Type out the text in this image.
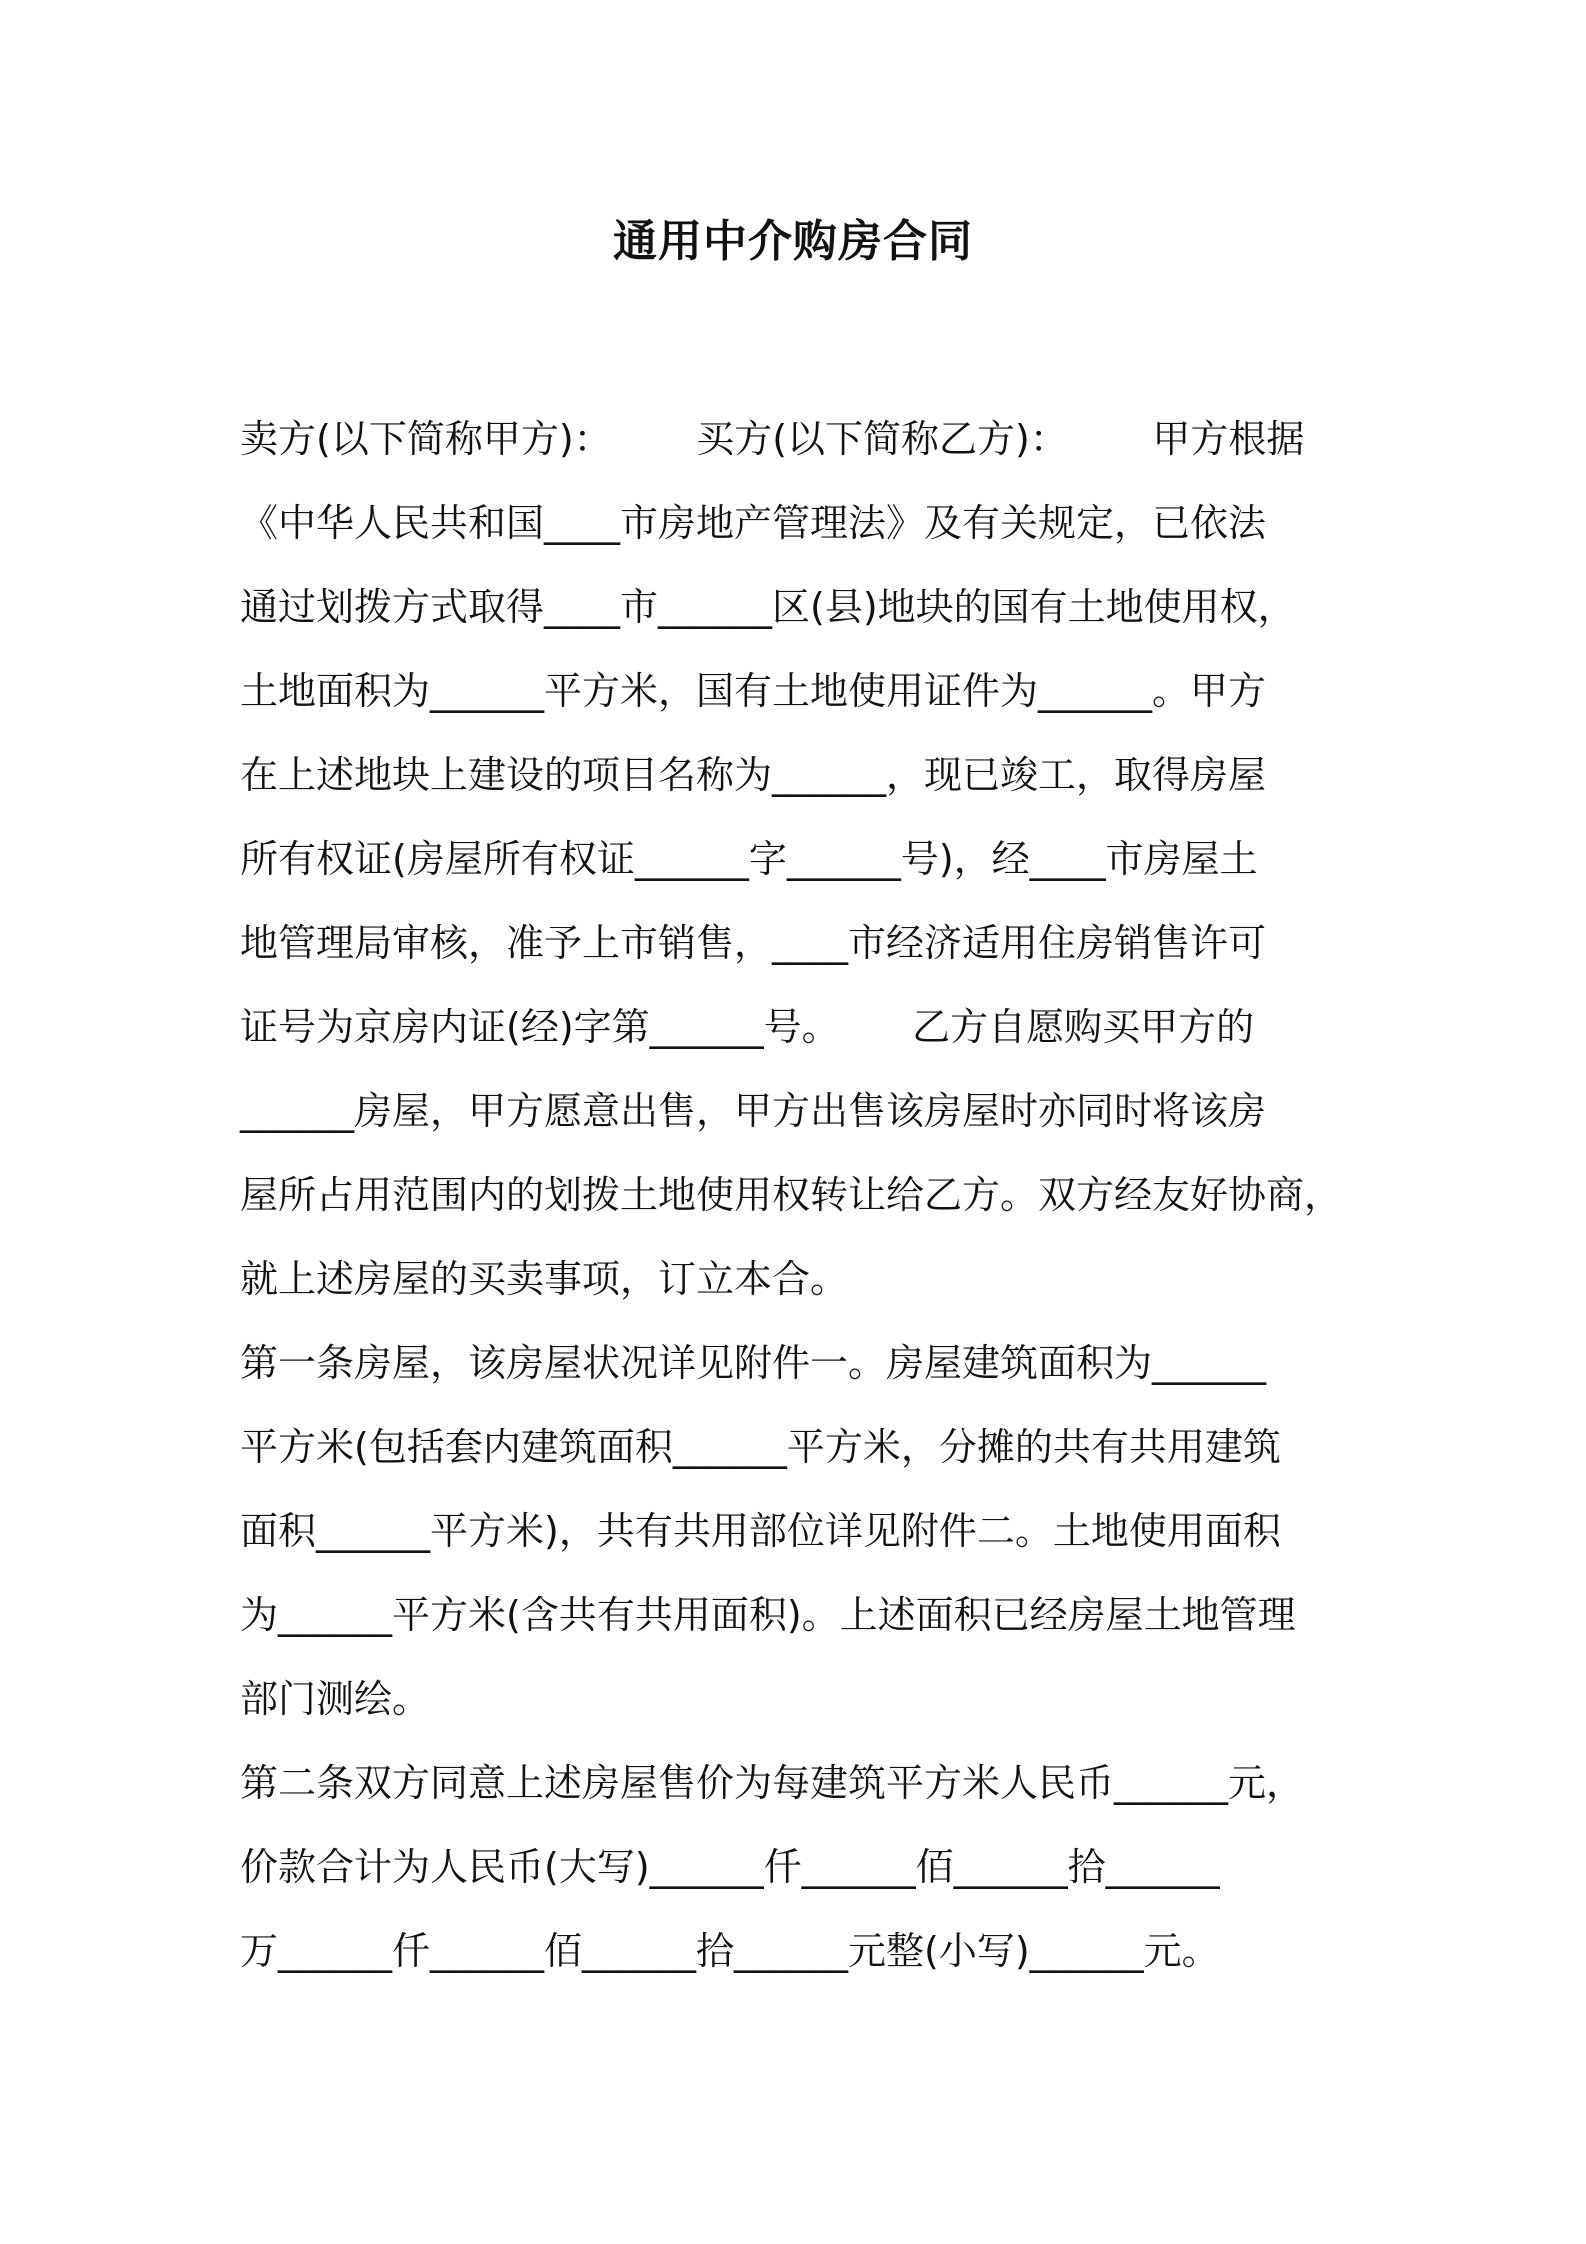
通用中介购房合同
卖方(以下简称甲方)：       买方(以下简称乙方)：       甲方根据
《中华人民共和国____市房地产管理法》及有关规定，已依法
通过划拨方式取得____市______区(县)地块的国有土地使用权，
土地面积为______平方米，国有土地使用证件为______。甲方
在上述地块上建设的项目名称为______，现已竣工，取得房屋
所有权证(房屋所有权证______字______号)，经____市房屋土
地管理局审核，准予上市销售，____市经济适用住房销售许可
证号为京房内证(经)字第______号。      乙方自愿购买甲方的
______房屋，甲方愿意出售，甲方出售该房屋时亦同时将该房
屋所占用范围内的划拨土地使用权转让给乙方。双方经友好协商，
就上述房屋的买卖事项，订立本合。
第一条房屋，该房屋状况详见附件一。房屋建筑面积为______
平方米(包括套内建筑面积______平方米，分摊的共有共用建筑
面积______平方米)，共有共用部位详见附件二。土地使用面积
为______平方米(含共有共用面积)。上述面积已经房屋土地管理
部门测绘。
第二条双方同意上述房屋售价为每建筑平方米人民币______元，
价款合计为人民币(大写)______仟______佰______拾______
万______仟______佰______拾______元整(小写)______元。
